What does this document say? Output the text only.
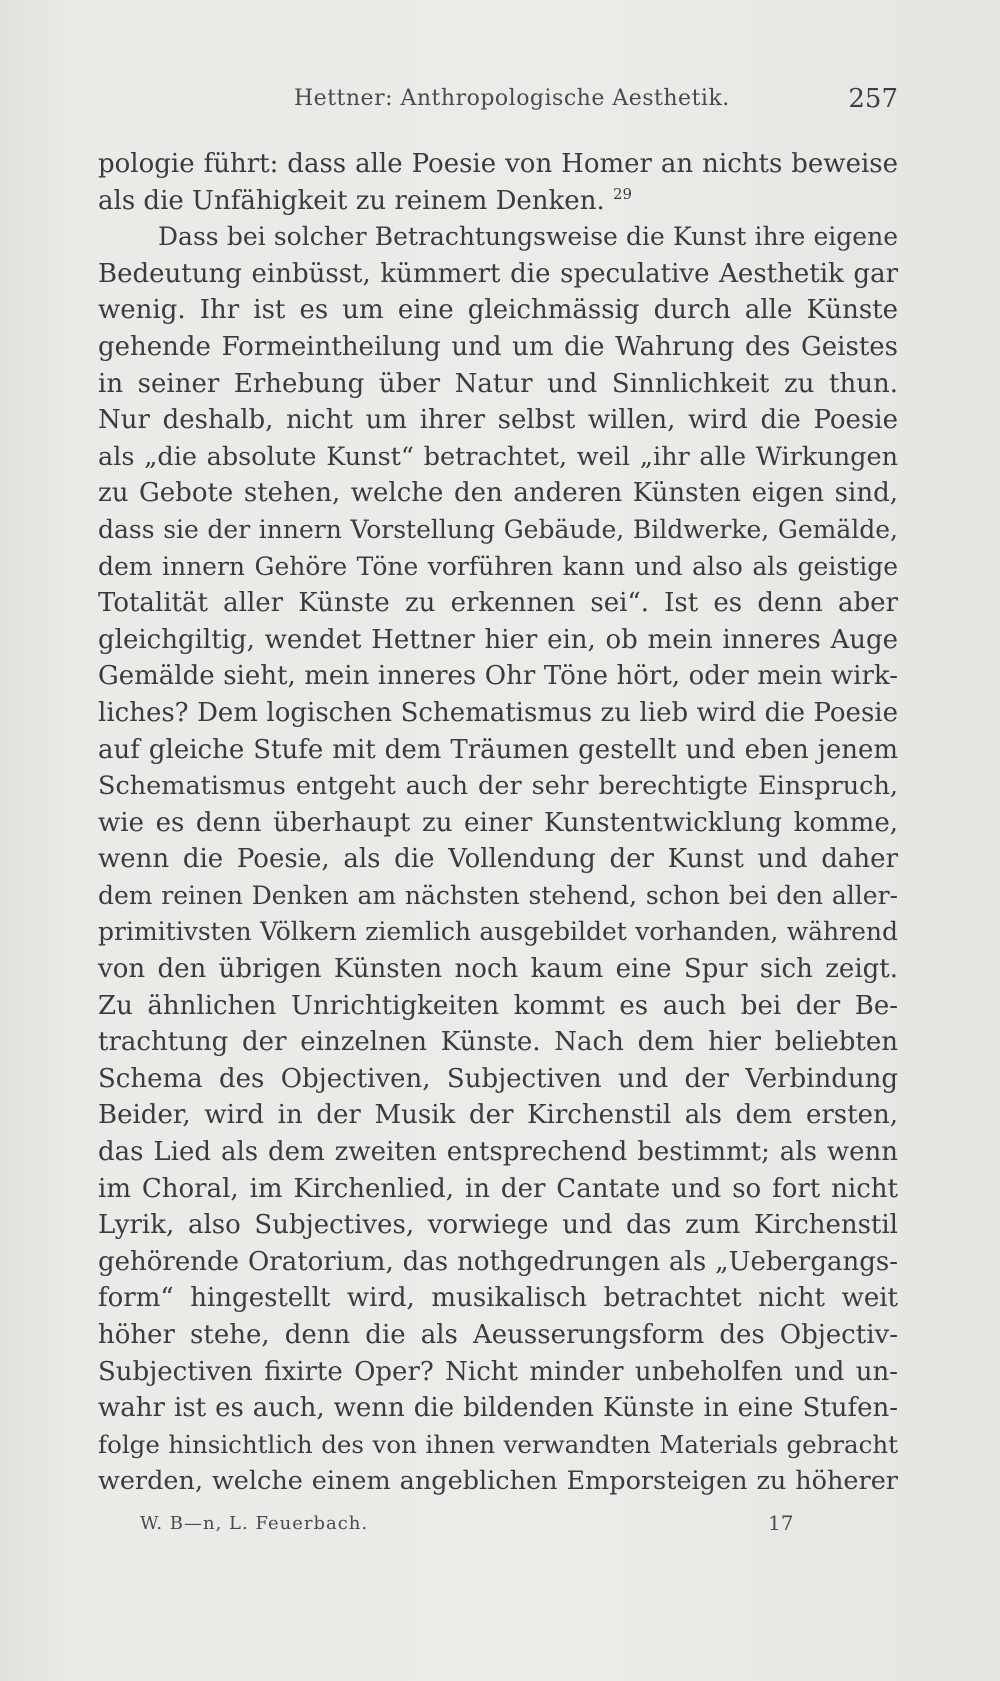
Hettner: Anthropologische Aesthetik.	257
pologie führt: dass alle Poesie von Homer an nichts beweise
als die Unfähigkeit zu reinem Denken. $^{29}$
Dass bei solcher Betrachtungsweise die Kunst ihre eigene
Bedeutung einbüsst, kümmert die speculative Aesthetik gar
wenig. Ihr ist es um eine gleichmässig durch alle Künste
gehende Formeintheilung und um die Wahrung des Geistes
in seiner Erhebung über Natur und Sinnlichkeit zu thun.
Nur deshalb, nicht um ihrer selbst willen, wird die Poesie
als „die absolute Kunst“ betrachtet, weil „ihr alle Wirkungen
zu Gebote stehen, welche den anderen Künsten eigen sind,
dass sie der innern Vorstellung Gebäude, Bildwerke, Gemälde,
dem innern Gehöre Töne vorführen kann und also als geistige
Totalität aller Künste zu erkennen sei“. Ist es denn aber
gleichgiltig, wendet Hettner hier ein, ob mein inneres Auge
Gemälde sieht, mein inneres Ohr Töne hört, oder mein wirk-
liches? Dem logischen Schematismus zu lieb wird die Poesie
auf gleiche Stufe mit dem Träumen gestellt und eben jenem
Schematismus entgeht auch der sehr berechtigte Einspruch,
wie es denn überhaupt zu einer Kunstentwicklung komme,
wenn die Poesie, als die Vollendung der Kunst und daher
dem reinen Denken am nächsten stehend, schon bei den aller-
primitivsten Völkern ziemlich ausgebildet vorhanden, während
von den übrigen Künsten noch kaum eine Spur sich zeigt.
Zu ähnlichen Unrichtigkeiten kommt es auch bei der Be-
trachtung der einzelnen Künste. Nach dem hier beliebten
Schema des Objectiven, Subjectiven und der Verbindung
Beider, wird in der Musik der Kirchenstil als dem ersten,
das Lied als dem zweiten entsprechend bestimmt; als wenn
im Choral, im Kirchenlied, in der Cantate und so fort nicht
Lyrik, also Subjectives, vorwiege und das zum Kirchenstil
gehörende Oratorium, das nothgedrungen als „Uebergangs-
form“ hingestellt wird, musikalisch betrachtet nicht weit
höher stehe, denn die als Aeusserungsform des Objectiv-
Subjectiven fixirte Oper? Nicht minder unbeholfen und un-
wahr ist es auch, wenn die bildenden Künste in eine Stufen-
folge hinsichtlich des von ihnen verwandten Materials gebracht
werden, welche einem angeblichen Emporsteigen zu höherer
W. B—n, L. Feuerbach.	17
